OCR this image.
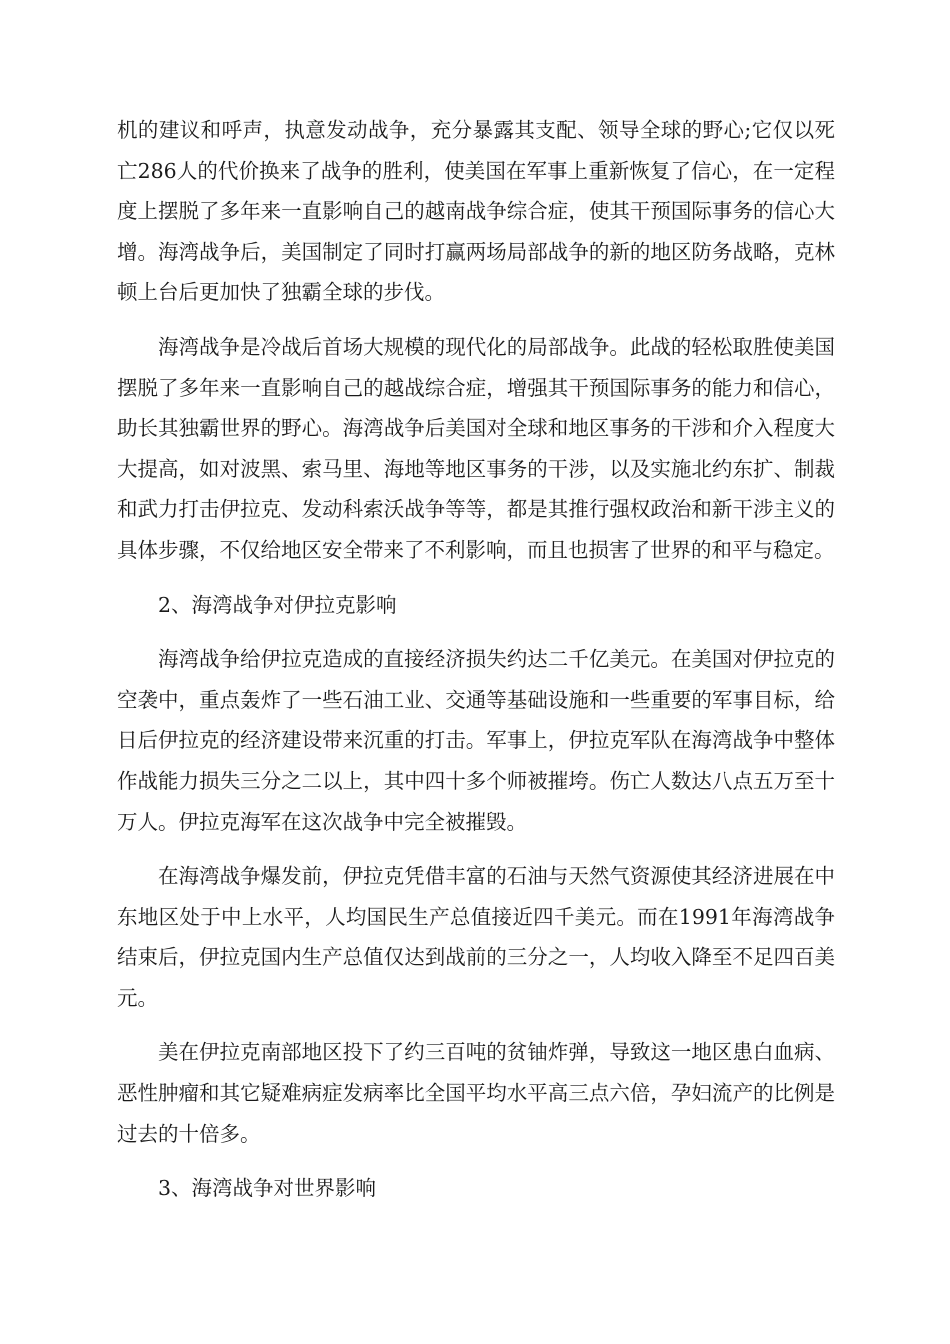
机的建议和呼声，执意发动战争，充分暴露其支配、领导全球的野心;它仅以死亡286人的代价换来了战争的胜利，使美国在军事上重新恢复了信心，在一定程度上摆脱了多年来一直影响自己的越南战争综合症，使其干预国际事务的信心大增。海湾战争后，美国制定了同时打赢两场局部战争的新的地区防务战略，克林顿上台后更加快了独霸全球的步伐。

海湾战争是冷战后首场大规模的现代化的局部战争。此战的轻松取胜使美国摆脱了多年来一直影响自己的越战综合症，增强其干预国际事务的能力和信心，助长其独霸世界的野心。海湾战争后美国对全球和地区事务的干涉和介入程度大大提高，如对波黑、索马里、海地等地区事务的干涉，以及实施北约东扩、制裁和武力打击伊拉克、发动科索沃战争等等，都是其推行强权政治和新干涉主义的具体步骤，不仅给地区安全带来了不利影响，而且也损害了世界的和平与稳定。

2、海湾战争对伊拉克影响

海湾战争给伊拉克造成的直接经济损失约达二千亿美元。在美国对伊拉克的空袭中，重点轰炸了一些石油工业、交通等基础设施和一些重要的军事目标，给日后伊拉克的经济建设带来沉重的打击。军事上，伊拉克军队在海湾战争中整体作战能力损失三分之二以上，其中四十多个师被摧垮。伤亡人数达八点五万至十万人。伊拉克海军在这次战争中完全被摧毁。

在海湾战争爆发前，伊拉克凭借丰富的石油与天然气资源使其经济进展在中东地区处于中上水平，人均国民生产总值接近四千美元。而在1991年海湾战争结束后，伊拉克国内生产总值仅达到战前的三分之一，人均收入降至不足四百美元。

美在伊拉克南部地区投下了约三百吨的贫铀炸弹，导致这一地区患白血病、恶性肿瘤和其它疑难病症发病率比全国平均水平高三点六倍，孕妇流产的比例是过去的十倍多。

3、海湾战争对世界影响
